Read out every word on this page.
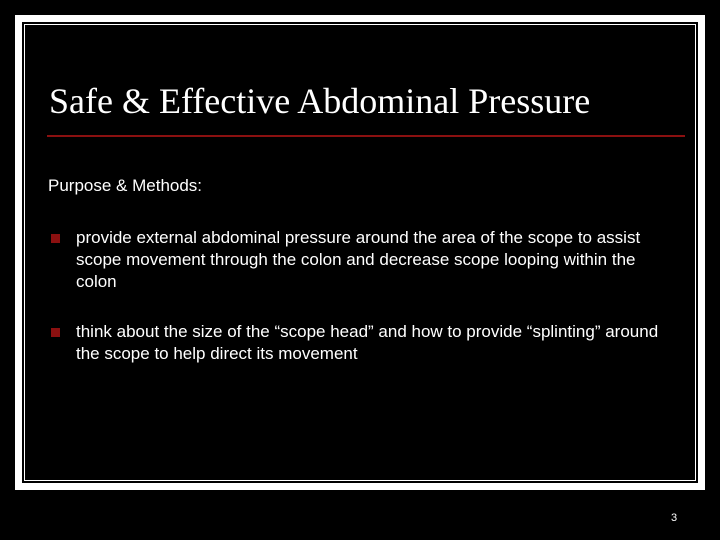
Safe & Effective Abdominal Pressure
Purpose & Methods:
provide external abdominal pressure around the area of the scope to assist scope movement through the colon and decrease scope looping within the colon
think about the size of the “scope head” and how to provide “splinting” around the scope to help direct its movement
3
